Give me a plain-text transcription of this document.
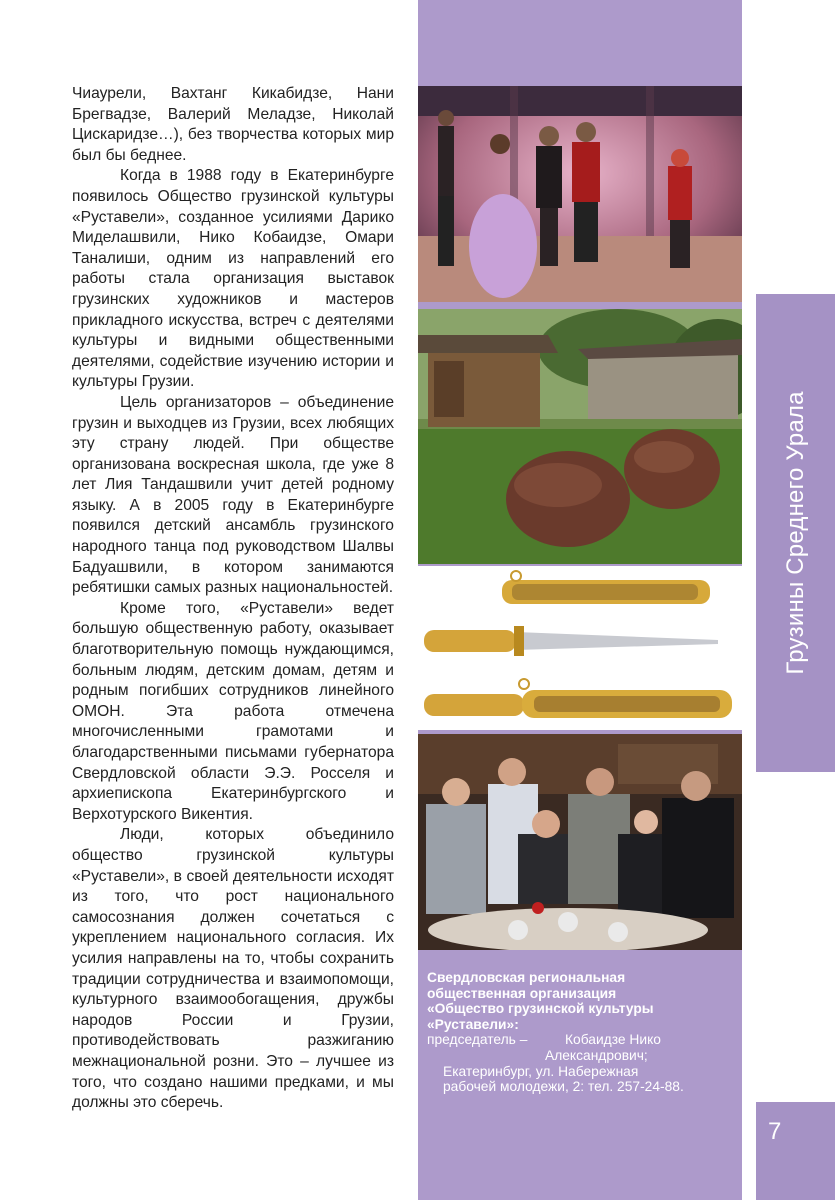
Грузины Среднего Урала
7

Чиаурели, Вахтанг Кикабидзе, Нани Брегвадзе, Валерий Меладзе, Николай Цискаридзе…), без творчества которых мир был бы беднее.

Когда в 1988 году в Екатеринбурге появилось Общество грузинской культуры «Руставели», созданное усилиями Дарико Миделашвили, Нико Кобаидзе, Омари Таналиши, одним из направлений его работы стала организация выставок грузинских художников и мастеров прикладного искусства, встреч с деятелями культуры и видными общественными деятелями, содействие изучению истории и культуры Грузии.

Цель организаторов – объединение грузин и выходцев из Грузии, всех любящих эту страну людей. При обществе организована воскресная школа, где уже 8 лет Лия Тандашвили учит детей родному языку. А в 2005 году в Екатеринбурге появился детский ансамбль грузинского народного танца под руководством Шалвы Бадуашвили, в котором занимаются ребятишки самых разных национальностей.

Кроме того, «Руставели» ведет большую общественную работу, оказывает благотворительную помощь нуждающимся, больным людям, детским домам, детям и родным погибших сотрудников линейного ОМОН. Эта работа отмечена многочисленными грамотами и благодарственными письмами губернатора Свердловской области Э.Э. Росселя и архиепископа Екатеринбургского и Верхотурского Викентия.

Люди, которых объединило общество грузинской культуры «Руставели», в своей деятельности исходят из того, что рост национального самосознания должен сочетаться с укреплением национального согласия. Их усилия направлены на то, чтобы сохранить традиции сотрудничества и взаимопомощи, культурного взаимообогащения, дружбы народов России и Грузии, противодействовать разжиганию межнациональной розни. Это – лучшее из того, что создано нашими предками, и мы должны это сберечь.

Свердловская региональная
общественная организация
«Общество грузинской культуры
«Руставели»:
председатель –	Кобаидзе Нико
Александрович;
Екатеринбург, ул. Набережная
рабочей молодежи, 2: тел. 257-24-88.
